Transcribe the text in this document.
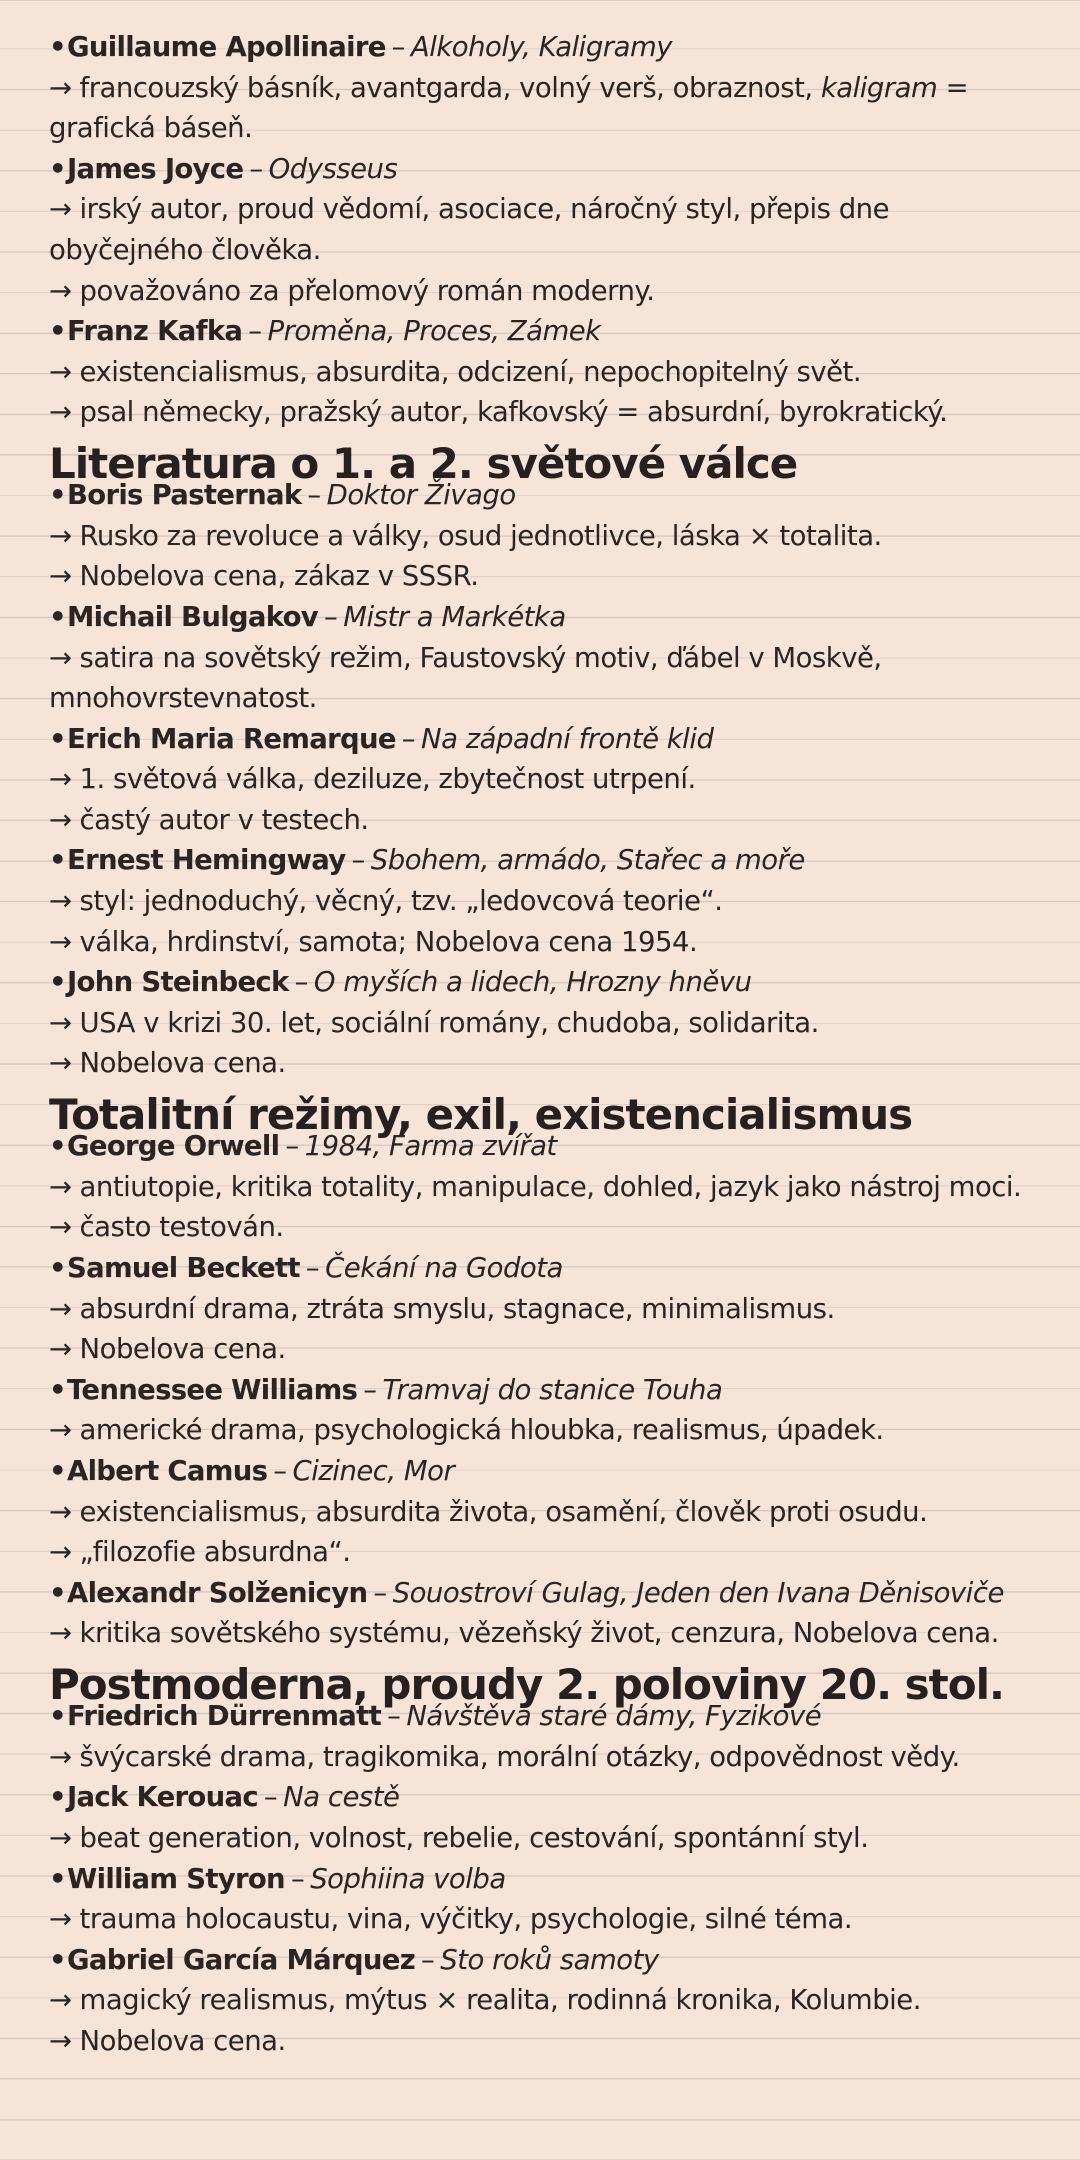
• Guillaume Apollinaire – Alkoholy, Kaligramy
→ francouzský básník, avantgarda, volný verš, obraznost, kaligram =
grafická báseň.
• James Joyce – Odysseus
→ irský autor, proud vědomí, asociace, náročný styl, přepis dne
obyčejného člověka.
→ považováno za přelomový román moderny.
• Franz Kafka – Proměna, Proces, Zámek
→ existencialismus, absurdita, odcizení, nepochopitelný svět.
→ psal německy, pražský autor, kafkovský = absurdní, byrokratický.
Literatura o 1. a 2. světové válce
• Boris Pasternak – Doktor Živago
→ Rusko za revoluce a války, osud jednotlivce, láska × totalita.
→ Nobelova cena, zákaz v SSSR.
• Michail Bulgakov – Mistr a Markétka
→ satira na sovětský režim, Faustovský motiv, ďábel v Moskvě,
mnohovrstevnatost.
• Erich Maria Remarque – Na západní frontě klid
→ 1. světová válka, deziluze, zbytečnost utrpení.
→ častý autor v testech.
• Ernest Hemingway – Sbohem, armádo, Stařec a moře
→ styl: jednoduchý, věcný, tzv. „ledovcová teorie“.
→ válka, hrdinství, samota; Nobelova cena 1954.
• John Steinbeck – O myších a lidech, Hrozny hněvu
→ USA v krizi 30. let, sociální romány, chudoba, solidarita.
→ Nobelova cena.
Totalitní režimy, exil, existencialismus
• George Orwell – 1984, Farma zvířat
→ antiutopie, kritika totality, manipulace, dohled, jazyk jako nástroj moci.
→ často testován.
• Samuel Beckett – Čekání na Godota
→ absurdní drama, ztráta smyslu, stagnace, minimalismus.
→ Nobelova cena.
• Tennessee Williams – Tramvaj do stanice Touha
→ americké drama, psychologická hloubka, realismus, úpadek.
• Albert Camus – Cizinec, Mor
→ existencialismus, absurdita života, osamění, člověk proti osudu.
→ „filozofie absurdna“.
• Alexandr Solženicyn – Souostroví Gulag, Jeden den Ivana Děnisoviče
→ kritika sovětského systému, vězeňský život, cenzura, Nobelova cena.
Postmoderna, proudy 2. poloviny 20. stol.
• Friedrich Dürrenmatt – Návštěva staré dámy, Fyzikové
→ švýcarské drama, tragikomika, morální otázky, odpovědnost vědy.
• Jack Kerouac – Na cestě
→ beat generation, volnost, rebelie, cestování, spontánní styl.
• William Styron – Sophiina volba
→ trauma holocaustu, vina, výčitky, psychologie, silné téma.
• Gabriel García Márquez – Sto roků samoty
→ magický realismus, mýtus × realita, rodinná kronika, Kolumbie.
→ Nobelova cena.
